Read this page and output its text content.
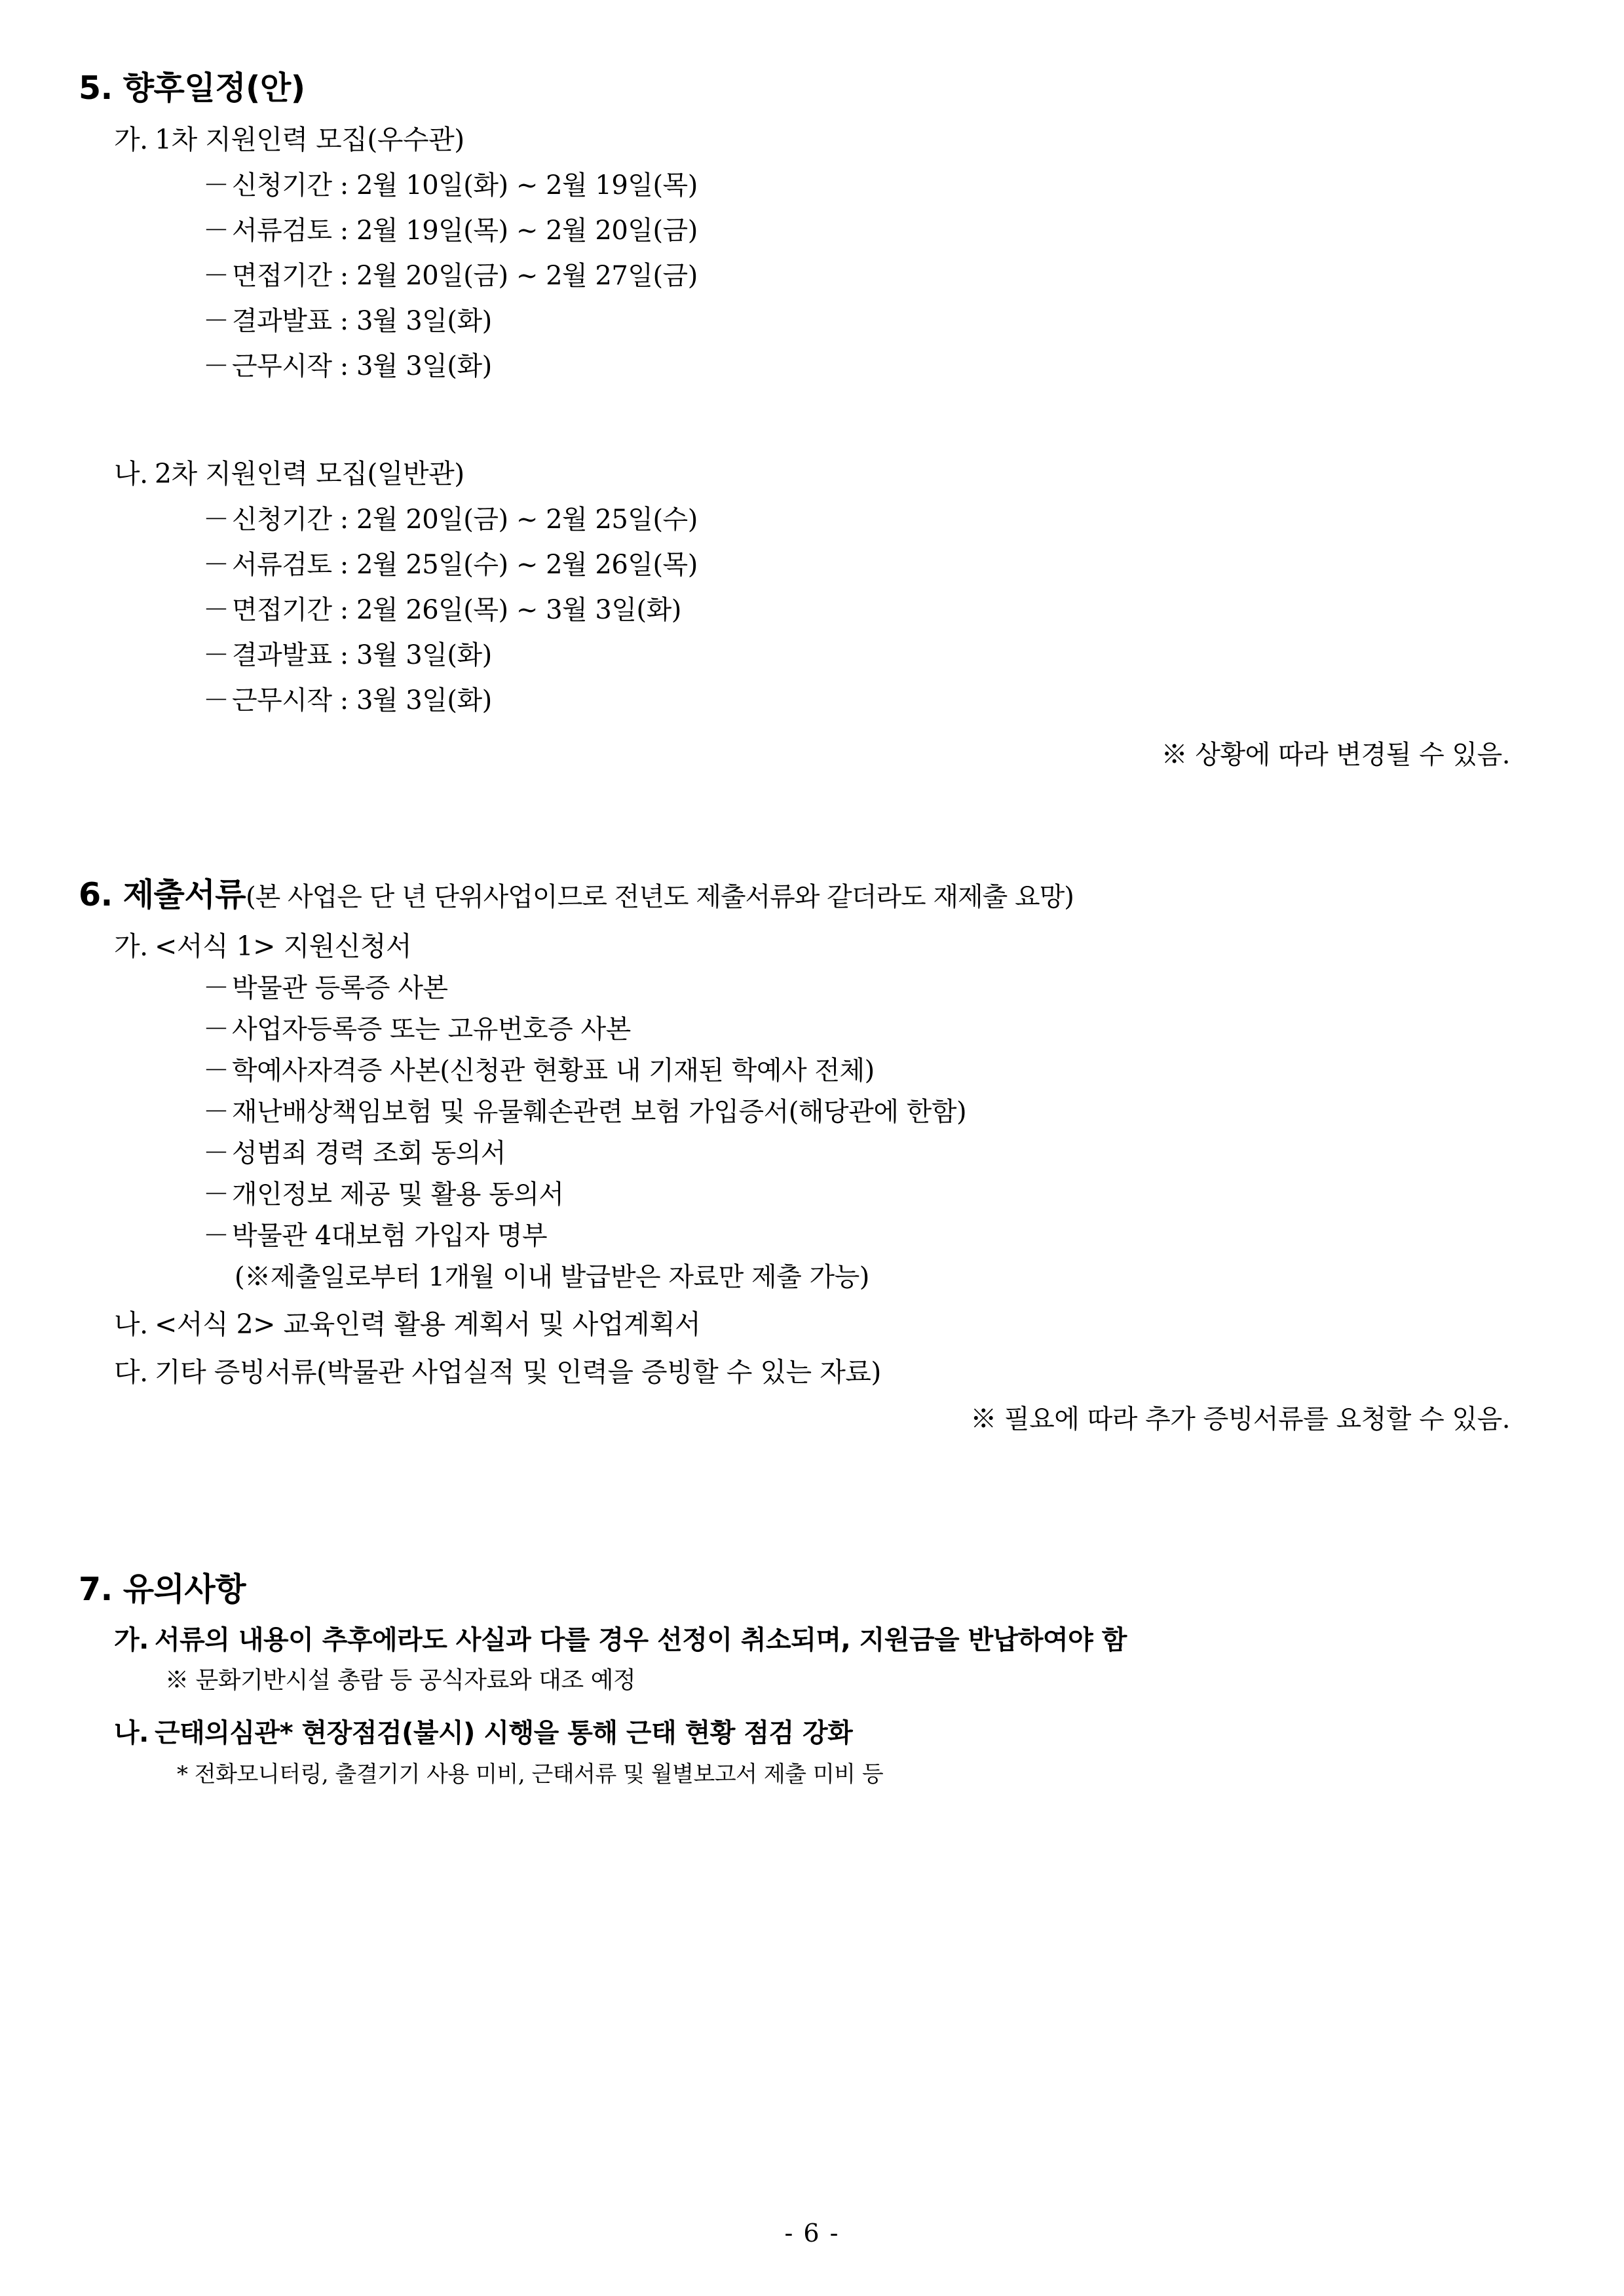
5. 향후일정(안)
가. 1차 지원인력 모집(우수관)
－ 신청기간 : 2월 10일(화) ~ 2월 19일(목)
－ 서류검토 : 2월 19일(목) ~ 2월 20일(금)
－ 면접기간 : 2월 20일(금) ~ 2월 27일(금)
－ 결과발표 : 3월 3일(화)
－ 근무시작 : 3월 3일(화)
나. 2차 지원인력 모집(일반관)
－ 신청기간 : 2월 20일(금) ~ 2월 25일(수)
－ 서류검토 : 2월 25일(수) ~ 2월 26일(목)
－ 면접기간 : 2월 26일(목) ~ 3월 3일(화)
－ 결과발표 : 3월 3일(화)
－ 근무시작 : 3월 3일(화)
※ 상황에 따라 변경될 수 있음.
6. 제출서류(본 사업은 단 년 단위사업이므로 전년도 제출서류와 같더라도 재제출 요망)
가. <서식 1> 지원신청서
－ 박물관 등록증 사본
－ 사업자등록증 또는 고유번호증 사본
－ 학예사자격증 사본(신청관 현황표 내 기재된 학예사 전체)
－ 재난배상책임보험 및 유물훼손관련 보험 가입증서(해당관에 한함)
－ 성범죄 경력 조회 동의서
－ 개인정보 제공 및 활용 동의서
－ 박물관 4대보험 가입자 명부
(※제출일로부터 1개월 이내 발급받은 자료만 제출 가능)
나. <서식 2> 교육인력 활용 계획서 및 사업계획서
다. 기타 증빙서류(박물관 사업실적 및 인력을 증빙할 수 있는 자료)
※ 필요에 따라 추가 증빙서류를 요청할 수 있음.
7. 유의사항
가. 서류의 내용이 추후에라도 사실과 다를 경우 선정이 취소되며, 지원금을 반납하여야 함
※ 문화기반시설 총람 등 공식자료와 대조 예정
나. 근태의심관* 현장점검(불시) 시행을 통해 근태 현황 점검 강화
* 전화모니터링, 출결기기 사용 미비, 근태서류 및 월별보고서 제출 미비 등
- 6 -
